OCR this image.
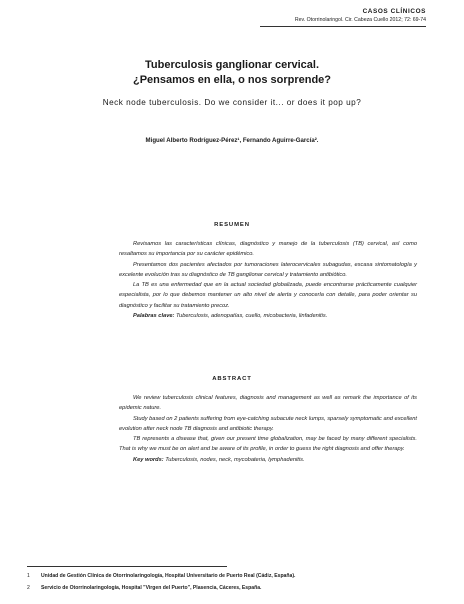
CASOS CLÍNICOS
Rev. Otorrinolaringol. Cir. Cabeza Cuello 2012; 72: 69-74
Tuberculosis ganglionar cervical.
¿Pensamos en ella, o nos sorprende?
Neck node tuberculosis. Do we consider it... or does it pop up?
Miguel Alberto Rodríguez-Pérez¹, Fernando Aguirre-García².
RESUMEN

Revisamos las características clínicas, diagnóstico y manejo de la tuberculosis (TB) cervical, así como resaltamos su importancia por su carácter epidémico.

Presentamos dos pacientes afectados por tumoraciones laterocervicales subagudas, escasa sintomatología y excelente evolución tras su diagnóstico de TB ganglionar cervical y tratamiento antibiótico.

La TB es una enfermedad que en la actual sociedad globalizada, puede encontrarse prácticamente cualquier especialista, por lo que debemos mantener un alto nivel de alerta y conocerla con detalle, para poder orientar su diagnóstico y facilitar su tratamiento precoz.

Palabras clave: Tuberculosis, adenopatías, cuello, micobacteria, linfadenitis.

ABSTRACT

We review tuberculosis clinical features, diagnosis and management as well as remark the importance of its epidemic nature.

Study based on 2 patients suffering from eye-catching subacute neck lumps, sparsely symptomatic and excellent evolution after neck node TB diagnosis and antibiotic therapy.

TB represents a disease that, given our present time globalization, may be faced by many different specialists. That is why we must be on alert and be aware of its profile, in order to guess the right diagnosis and offer therapy.

Key words: Tuberculosis, nodes, neck, mycobateria, lymphadenitis.

1 Unidad de Gestión Clínica de Otorrinolaringología, Hospital Universitario de Puerto Real (Cádiz, España).
2 Servicio de Otorrinolaringología, Hospital "Virgen del Puerto", Plasencia, Cáceres, España.
